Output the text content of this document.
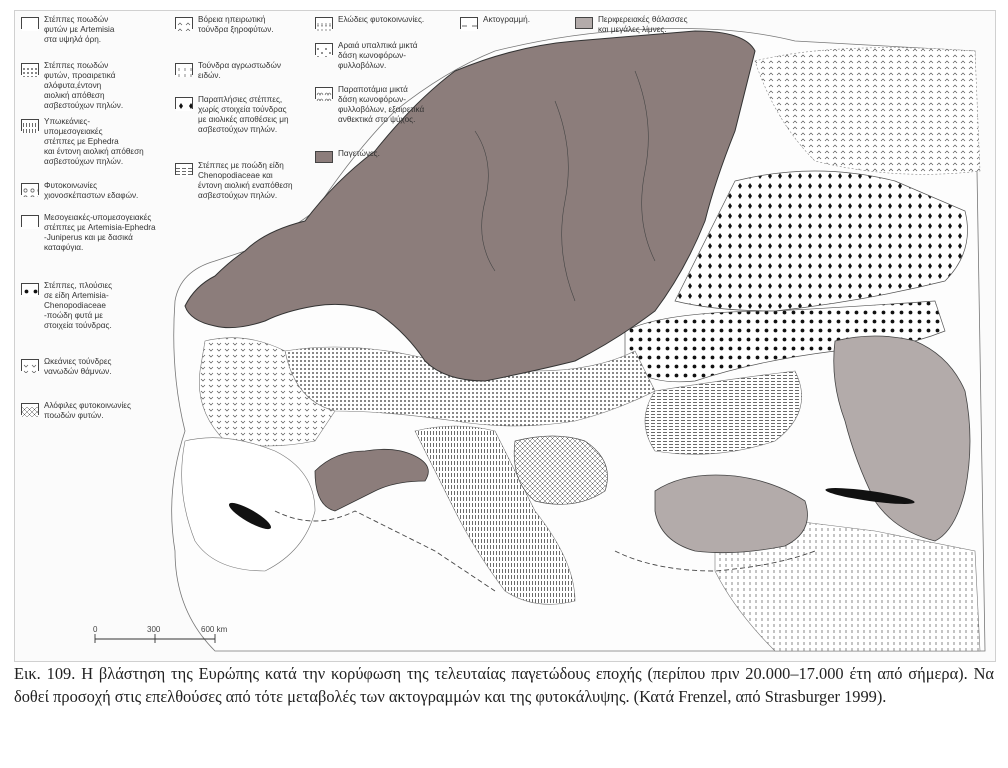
Στέππες ποωδών
φυτών με Artemisia
στα υψηλά όρη.
Στέππες ποωδών
φυτών, προαιρετικά
αλόφυτα,έντονη
αιολική απόθεση
ασβεστούχων πηλών.
Υπωκεάνιες-
υπομεσογειακές
στέππες με Ephedra
και έντονη αιολική απόθεση
ασβεστούχων πηλών.
Φυτοκοινωνίες
χιονοσκέπαστων εδαφών.
Μεσογειακές-υπομεσογειακές
στέππες με Artemisia-Ephedra
-Juniperus και με δασικά
καταφύγια.
Στέππες, πλούσιες
σε είδη Artemisia-
Chenopodiaceae
-ποώδη φυτά με
στοιχεία τούνδρας.
Ωκεάνιες τούνδρες
νανωδών θάμνων.
Αλόφιλες φυτοκοινωνίες
ποωδών φυτών.
Βόρεια ηπειρωτική
τούνδρα ξηροφύτων.
Τούνδρα αγρωστωδών
ειδών.
Παραπλήσιες στέππες,
χωρίς στοιχεία τούνδρας
με αιολικές αποθέσεις μη
ασβεστούχων πηλών.
Στέππες με ποώδη είδη
Chenopodiaceae και
έντονη αιολική εναπόθεση
ασβεστούχων πηλών.
Ελώδεις φυτοκοινωνίες.
Αραιά υπαλπικά μικτά
δάση κωνοφόρων-
φυλλοβόλων.
Παραποτάμια μικτά
δάση κωνοφόρων-
φυλλοβόλων, εξαιρετικά
ανθεκτικά στο ψύχος.
Παγετώνες.
Ακτογραμμή.	Περιφερειακές θάλασσες
και μεγάλες λίμνες.
0	300	600 km
Εικ. 109. Η βλάστηση της Ευρώπης κατά την κορύφωση της τελευταίας παγετώδους εποχής (περίπου πριν 20.000–17.000 έτη από σήμερα). Να δοθεί προσοχή στις επελθούσες από τότε μεταβολές των ακτογραμμών και της φυτοκάλυψης. (Κατά Frenzel, από Strasburger 1999).
